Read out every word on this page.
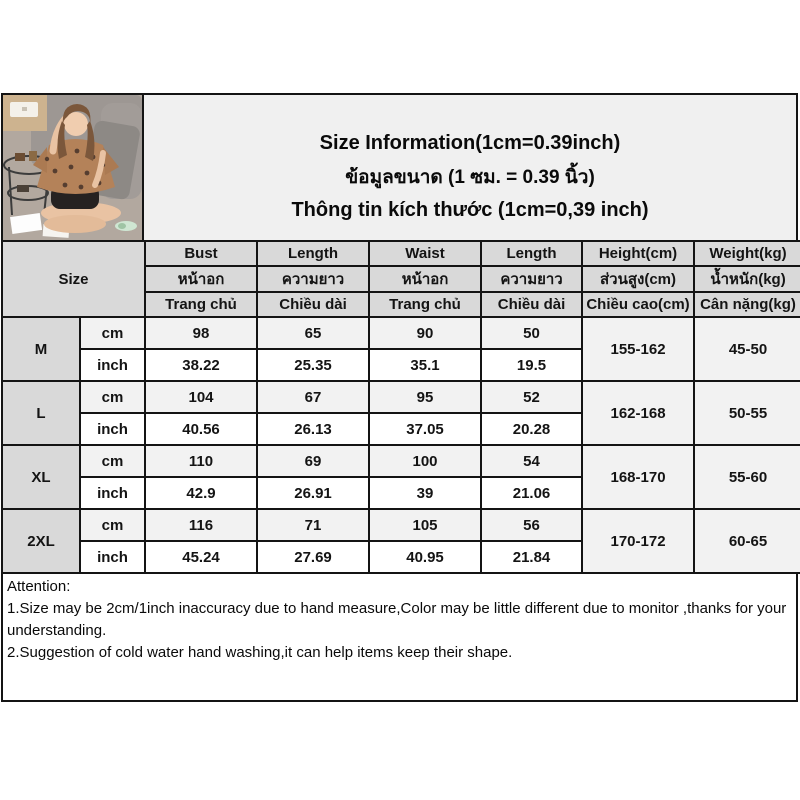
Size Information(1cm=0.39inch)
ข้อมูลขนาด (1 ซม. = 0.39 นิ้ว)
Thông tin kích thước (1cm=0,39 inch)
Size		Bust	Length	Waist	Length	Height(cm)	Weight(kg)
		หน้าอก	ความยาว	หน้าอก	ความยาว	ส่วนสูง(cm)	น้ำหนัก(kg)
		Trang chủ	Chiều dài	Trang chủ	Chiều dài	Chiều cao(cm)	Cân nặng(kg)
M	cm	98	65	90	50	155-162	45-50
	inch	38.22	25.35	35.1	19.5		
L	cm	104	67	95	52	162-168	50-55
	inch	40.56	26.13	37.05	20.28		
XL	cm	110	69	100	54	168-170	55-60
	inch	42.9	26.91	39	21.06		
2XL	cm	116	71	105	56	170-172	60-65
	inch	45.24	27.69	40.95	21.84		
Attention:
1.Size may be 2cm/1inch inaccuracy due to hand measure,Color may be little different due to monitor ,thanks for your understanding.
2.Suggestion of cold water hand washing,it can help items keep their shape.
